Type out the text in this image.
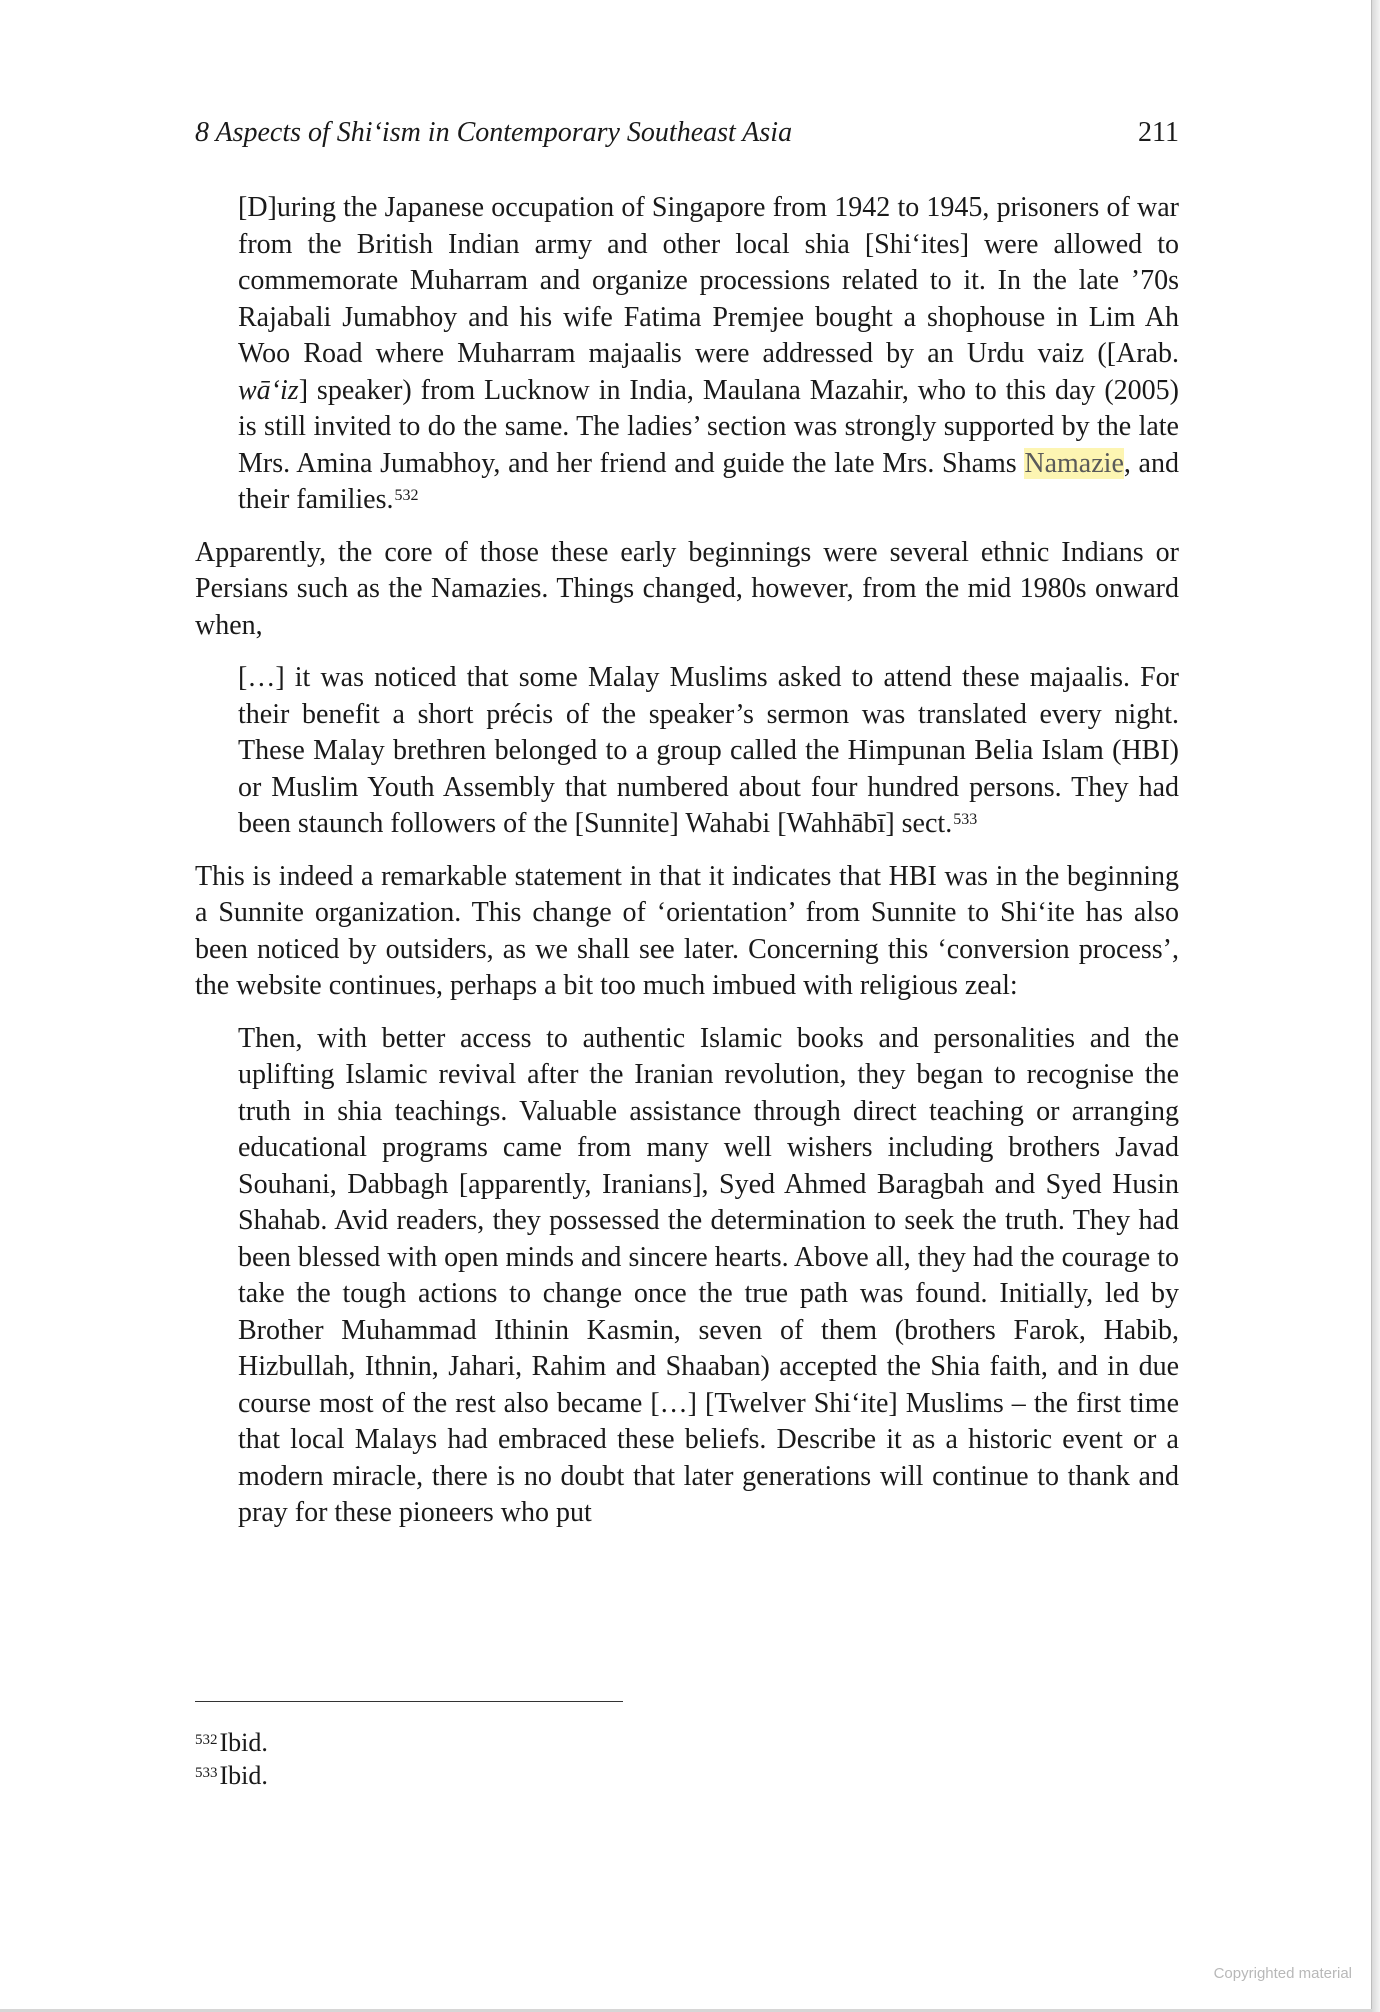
8 Aspects of Shi‘ism in Contemporary Southeast Asia	211

[D]uring the Japanese occupation of Singapore from 1942 to 1945, prisoners of war from the British Indian army and other local shia [Shi‘ites] were allowed to commemorate Muharram and organize processions related to it. In the late ’70s Rajabali Jumabhoy and his wife Fatima Premjee bought a shophouse in Lim Ah Woo Road where Muharram majaalis were addressed by an Urdu vaiz ([Arab. wā‘iz] speaker) from Lucknow in India, Maulana Mazahir, who to this day (2005) is still invited to do the same. The ladies’ section was strongly supported by the late Mrs. Amina Jumabhoy, and her friend and guide the late Mrs. Shams Namazie, and their families.$^{532}$

Apparently, the core of those these early beginnings were several ethnic Indians or Persians such as the Namazies. Things changed, however, from the mid 1980s onward when,

[…] it was noticed that some Malay Muslims asked to attend these majaalis. For their benefit a short précis of the speaker’s sermon was translated every night. These Malay brethren belonged to a group called the Himpunan Belia Islam (HBI) or Muslim Youth Assembly that numbered about four hundred persons. They had been staunch followers of the [Sunnite] Wahabi [Wahhābī] sect.$^{533}$

This is indeed a remarkable statement in that it indicates that HBI was in the beginning a Sunnite organization. This change of ‘orientation’ from Sunnite to Shi‘ite has also been noticed by outsiders, as we shall see later. Concerning this ‘conversion process’, the website continues, perhaps a bit too much imbued with religious zeal:

Then, with better access to authentic Islamic books and personalities and the uplifting Islamic revival after the Iranian revolution, they began to recognise the truth in shia teachings. Valuable assistance through direct teaching or arranging educational programs came from many well wishers including brothers Javad Souhani, Dabbagh [apparently, Iranians], Syed Ahmed Baragbah and Syed Husin Shahab. Avid readers, they possessed the determination to seek the truth. They had been blessed with open minds and sincere hearts. Above all, they had the courage to take the tough actions to change once the true path was found. Initially, led by Brother Muhammad Ithinin Kasmin, seven of them (brothers Farok, Habib, Hizbullah, Ithnin, Jahari, Rahim and Shaaban) accepted the Shia faith, and in due course most of the rest also became […] [Twelver Shi‘ite] Muslims – the first time that local Malays had embraced these beliefs. Describe it as a historic event or a modern miracle, there is no doubt that later generations will continue to thank and pray for these pioneers who put

$^{532}$Ibid.

$^{533}$Ibid.

Copyrighted material
